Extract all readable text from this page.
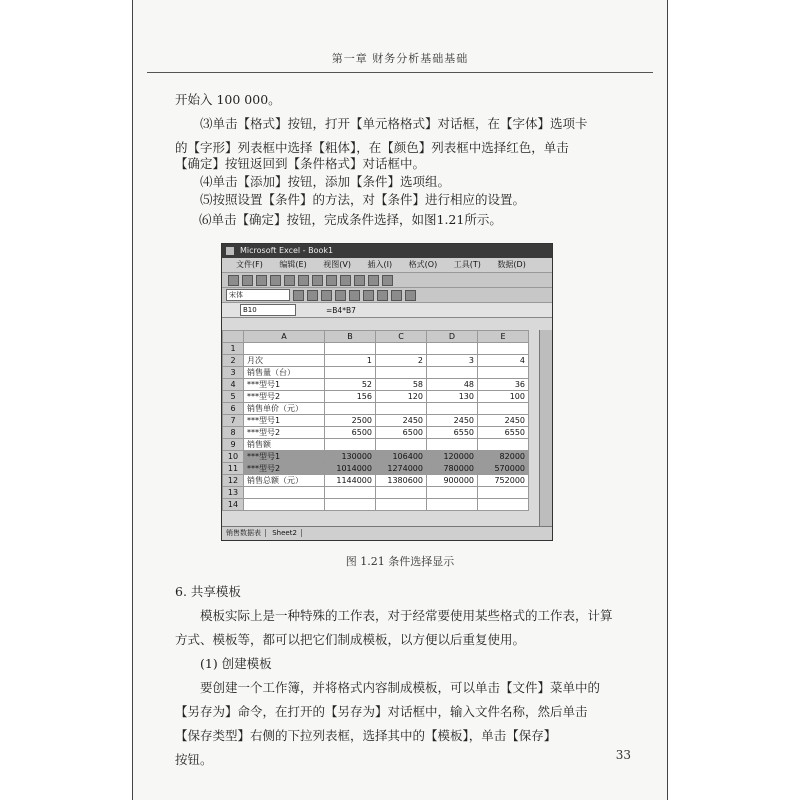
第一章 财务分析基础基础
开始入 100 000。
⑶单击【格式】按钮，打开【单元格格式】对话框，在【字体】选项卡
的【字形】列表框中选择【粗体】，在【颜色】列表框中选择红色，单击
【确定】按钮返回到【条件格式】对话框中。
⑷单击【添加】按钮，添加【条件】选项组。
⑸按照设置【条件】的方法，对【条件】进行相应的设置。
Microsoft Excel - Book1
文件(F) 编辑(E) 视图(V) 插入(I) 格式(O) 工具(T) 数据(D)
宋体
B10	=B4*B7
	A	B	C	D	E
1					
2	月次	1	2	3	4
3	销售量（台）				
4	***型号1	52	58	48	36
5	***型号2	156	120	130	100
6	销售单价（元）				
7	***型号1	2500	2450	2450	2450
8	***型号2	6500	6500	6550	6550
9	销售额				
10	***型号1	130000	106400	120000	82000
11	***型号2	1014000	1274000	780000	570000
12	销售总额（元）	1144000	1380600	900000	752000
13					
14					
销售数据表 Sheet2
图 1.21 条件选择显示
6. 共享模板
模板实际上是一种特殊的工作表，对于经常要使用某些格式的工作表，计算
方式、模板等，都可以把它们制成模板，以方便以后重复使用。
(1) 创建模板
要创建一个工作簿，并将格式内容制成模板，可以单击【文件】菜单中的
【另存为】命令，在打开的【另存为】对话框中，输入文件名称，然后单击
【保存类型】右侧的下拉列表框，选择其中的【模板】，单击【保存】
按钮。	33
⑹单击【确定】按钮，完成条件选择，如图1.21所示。
